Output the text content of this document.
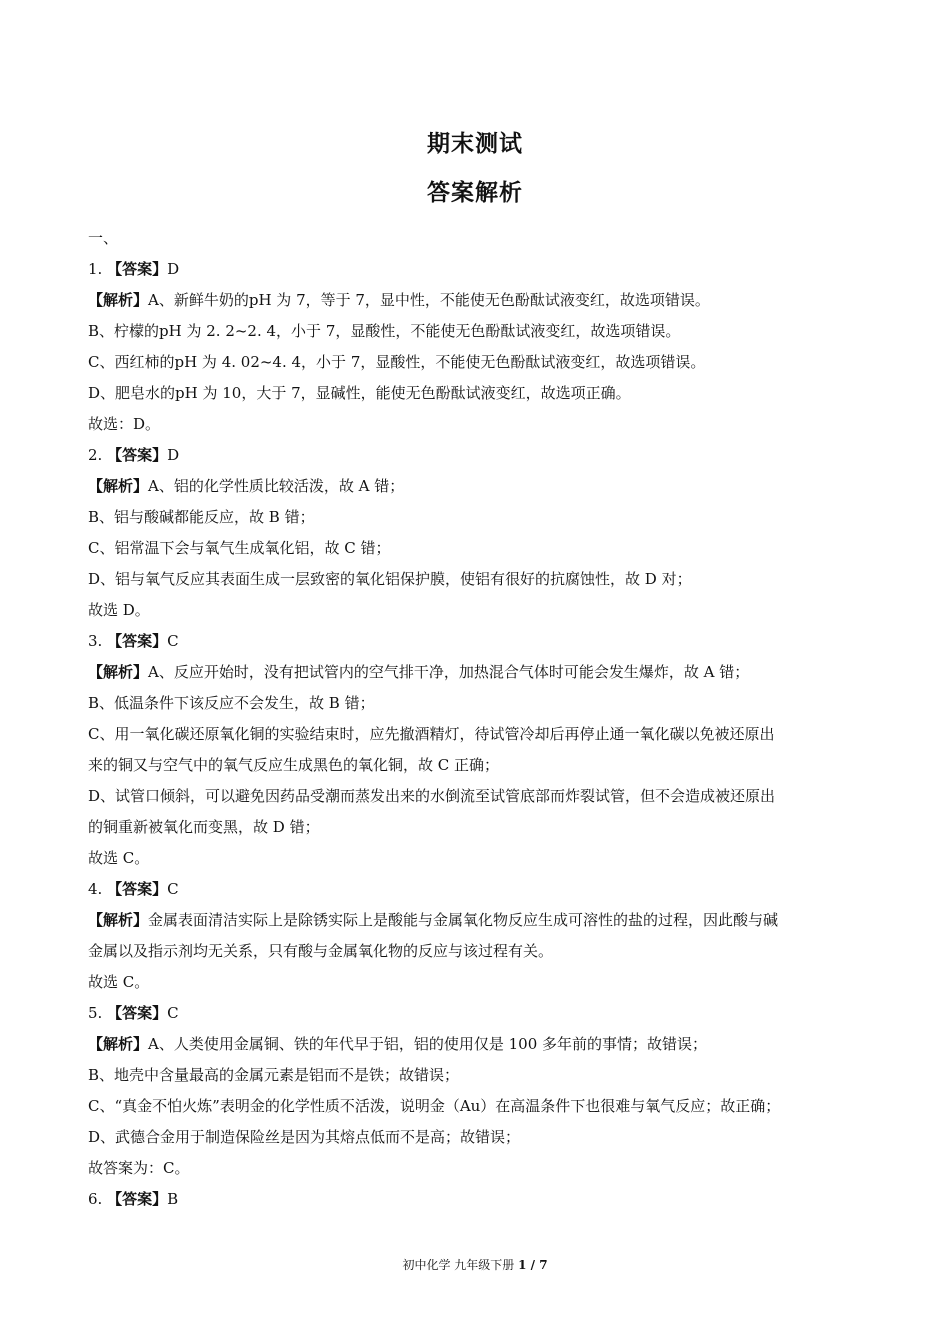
期末测试
答案解析

一、

1. 【答案】D

【解析】A、新鲜牛奶的pH 为 7，等于 7，显中性，不能使无色酚酞试液变红，故选项错误。

B、柠檬的pH 为 2. 2~2. 4，小于 7，显酸性，不能使无色酚酞试液变红，故选项错误。

C、西红柿的pH 为 4. 02~4. 4，小于 7，显酸性，不能使无色酚酞试液变红，故选项错误。

D、肥皂水的pH 为 10，大于 7，显碱性，能使无色酚酞试液变红，故选项正确。

故选：D。

2. 【答案】D

【解析】A、铝的化学性质比较活泼，故 A 错；

B、铝与酸碱都能反应，故 B 错；

C、铝常温下会与氧气生成氧化铝，故 C 错；

D、铝与氧气反应其表面生成一层致密的氧化铝保护膜，使铝有很好的抗腐蚀性，故 D 对；

故选 D。

3. 【答案】C

【解析】A、反应开始时，没有把试管内的空气排干净，加热混合气体时可能会发生爆炸，故 A 错；

B、低温条件下该反应不会发生，故 B 错；

C、用一氧化碳还原氧化铜的实验结束时，应先撤酒精灯，待试管冷却后再停止通一氧化碳以免被还原出

来的铜又与空气中的氧气反应生成黑色的氧化铜，故 C 正确；

D、试管口倾斜，可以避免因药品受潮而蒸发出来的水倒流至试管底部而炸裂试管，但不会造成被还原出

的铜重新被氧化而变黑，故 D 错；

故选 C。

4. 【答案】C

【解析】金属表面清洁实际上是除锈实际上是酸能与金属氧化物反应生成可溶性的盐的过程，因此酸与碱

金属以及指示剂均无关系，只有酸与金属氧化物的反应与该过程有关。

故选 C。

5. 【答案】C

【解析】A、人类使用金属铜、铁的年代早于铝，铝的使用仅是 100 多年前的事情；故错误；

B、地壳中含量最高的金属元素是铝而不是铁；故错误；

C、“真金不怕火炼”表明金的化学性质不活泼，说明金（Au）在高温条件下也很难与氧气反应；故正确；

D、武德合金用于制造保险丝是因为其熔点低而不是高；故错误；

故答案为：C。

6. 【答案】B

初中化学 九年级下册 1 / 7
